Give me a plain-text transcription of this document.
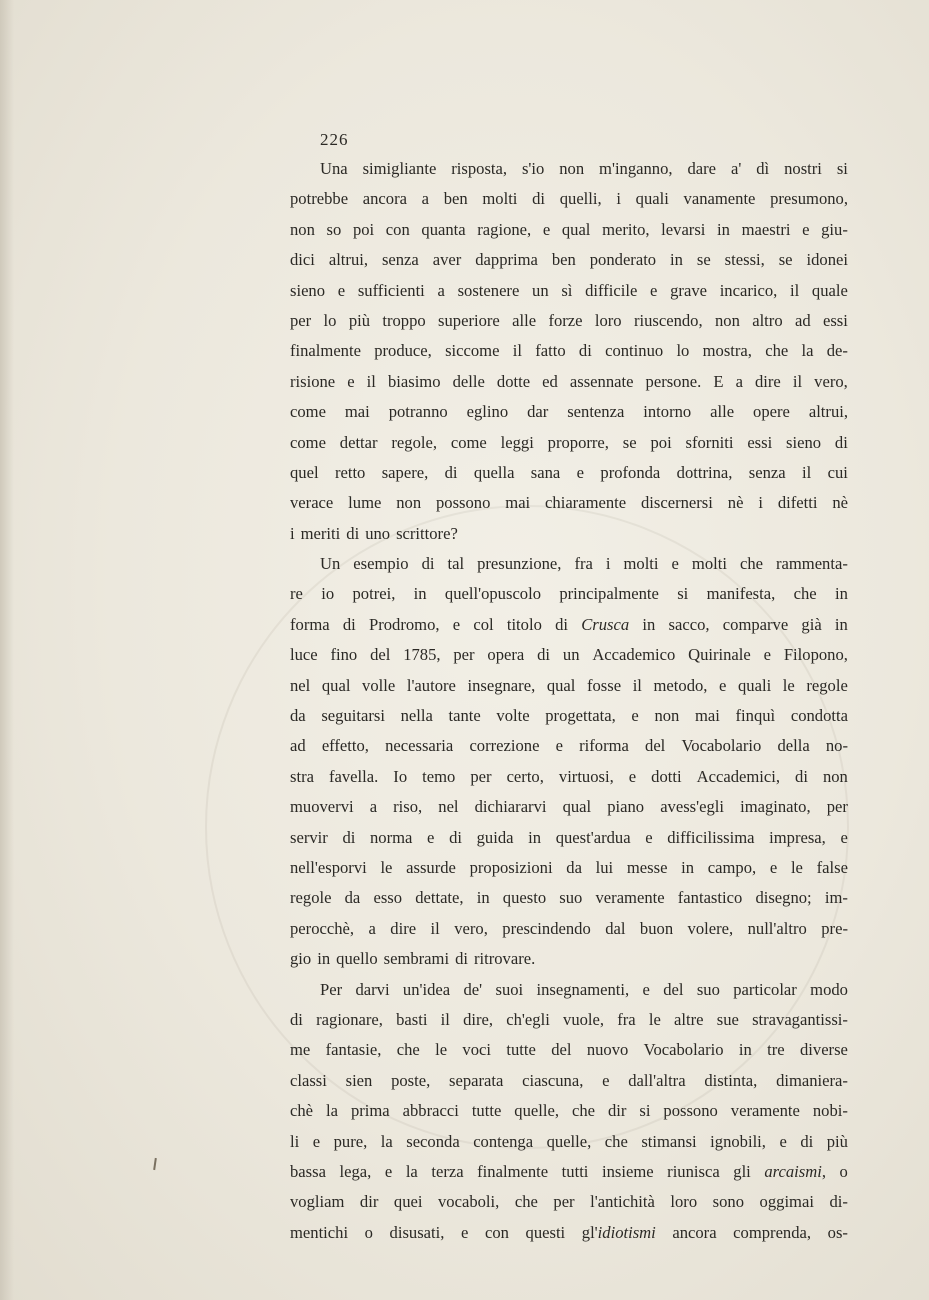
226
Una simigliante risposta, s'io non m'inganno, dare a' dì nostri si
potrebbe ancora a ben molti di quelli, i quali vanamente presumono,
non so poi con quanta ragione, e qual merito, levarsi in maestri e giu-
dici altrui, senza aver dapprima ben ponderato in se stessi, se idonei
sieno e sufficienti a sostenere un sì difficile e grave incarico, il quale
per lo più troppo superiore alle forze loro riuscendo, non altro ad essi
finalmente produce, siccome il fatto di continuo lo mostra, che la de-
risione e il biasimo delle dotte ed assennate persone. E a dire il vero,
come mai potranno eglino dar sentenza intorno alle opere altrui,
come dettar regole, come leggi proporre, se poi sforniti essi sieno di
quel retto sapere, di quella sana e profonda dottrina, senza il cui
verace lume non possono mai chiaramente discernersi nè i difetti nè
i meriti di uno scrittore?
Un esempio di tal presunzione, fra i molti e molti che rammenta-
re io potrei, in quell'opuscolo principalmente si manifesta, che in
forma di Prodromo, e col titolo di Crusca in sacco, comparve già in
luce fino del 1785, per opera di un Accademico Quirinale e Filopono,
nel qual volle l'autore insegnare, qual fosse il metodo, e quali le regole
da seguitarsi nella tante volte progettata, e non mai finquì condotta
ad effetto, necessaria correzione e riforma del Vocabolario della no-
stra favella. Io temo per certo, virtuosi, e dotti Accademici, di non
muovervi a riso, nel dichiararvi qual piano avess'egli imaginato, per
servir di norma e di guida in quest'ardua e difficilissima impresa, e
nell'esporvi le assurde proposizioni da lui messe in campo, e le false
regole da esso dettate, in questo suo veramente fantastico disegno; im-
perocchè, a dire il vero, prescindendo dal buon volere, null'altro pre-
gio in quello sembrami di ritrovare.
Per darvi un'idea de' suoi insegnamenti, e del suo particolar modo
di ragionare, basti il dire, ch'egli vuole, fra le altre sue stravagantissi-
me fantasie, che le voci tutte del nuovo Vocabolario in tre diverse
classi sien poste, separata ciascuna, e dall'altra distinta, dimaniera-
chè la prima abbracci tutte quelle, che dir si possono veramente nobi-
li e pure, la seconda contenga quelle, che stimansi ignobili, e di più
bassa lega, e la terza finalmente tutti insieme riunisca gli arcaismi, o
vogliam dir quei vocaboli, che per l'antichità loro sono oggimai di-
mentichi o disusati, e con questi gl'idiotismi ancora comprenda, os-
